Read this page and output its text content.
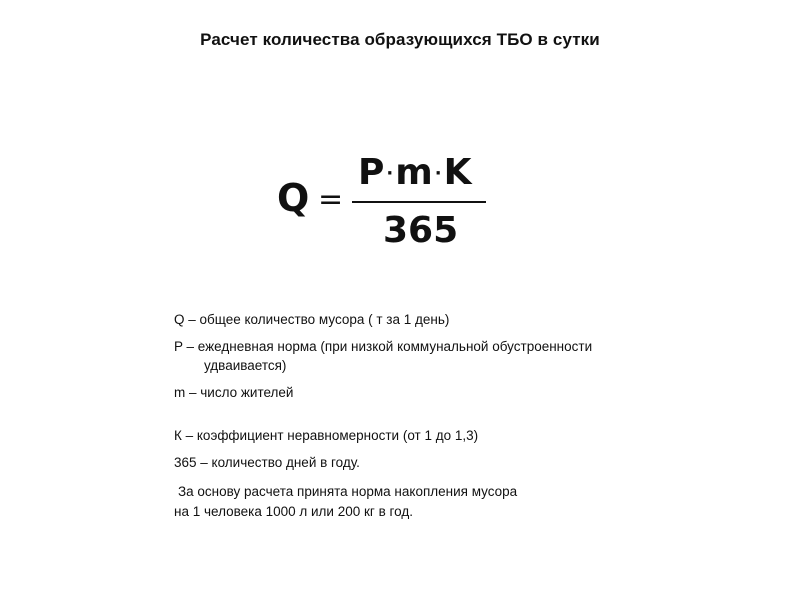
Расчет количества образующихся ТБО в сутки
Q =
P ·m ·K
365

Q – общее количество мусора ( т за 1 день)

P – ежедневная норма (при низкой коммунальной обустроенности

удваивается)

m – число жителей

К – коэффициент неравномерности (от 1 до 1,3)

365 – количество дней в году.

За основу расчета принята норма накопления мусора

на 1 человека 1000 л или 200 кг в год.
